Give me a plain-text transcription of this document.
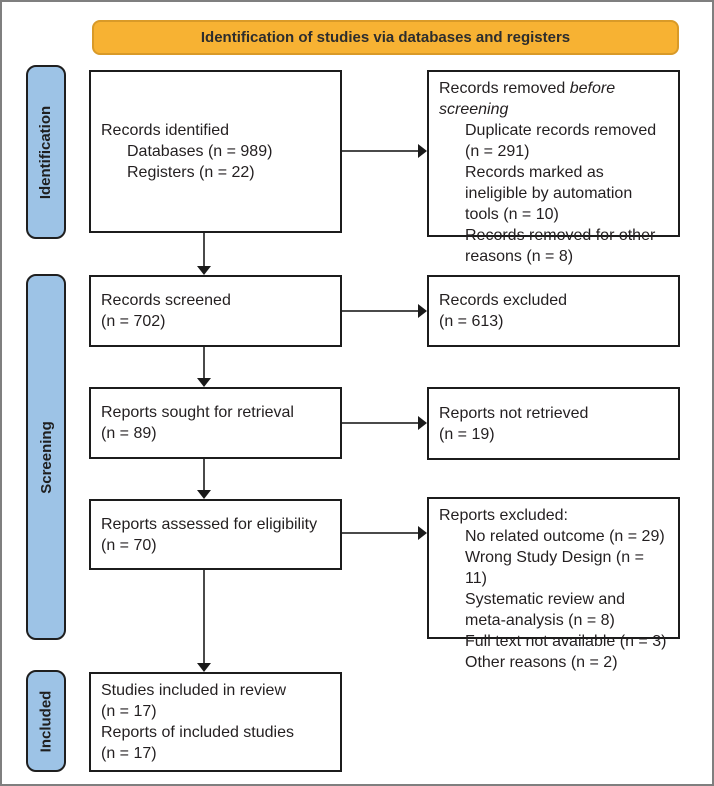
Identification of studies via databases and registers
Identification
Screening
Included
Records identified
Databases (n = 989)
Registers (n = 22)
Records removed before screening
Duplicate records removed (n = 291)
Records marked as ineligible by automation tools (n = 10)
Records removed for other reasons (n = 8)
Records screened
(n = 702)
Records excluded
(n = 613)
Reports sought for retrieval
(n = 89)
Reports not retrieved
(n = 19)
Reports assessed for eligibility
(n = 70)
Reports excluded:
No related outcome (n = 29)
Wrong Study Design (n = 11)
Systematic review and meta-analysis (n = 8)
Full text not available (n = 3)
Other reasons (n = 2)
Studies included in review
(n = 17)
Reports of included studies
(n = 17)
